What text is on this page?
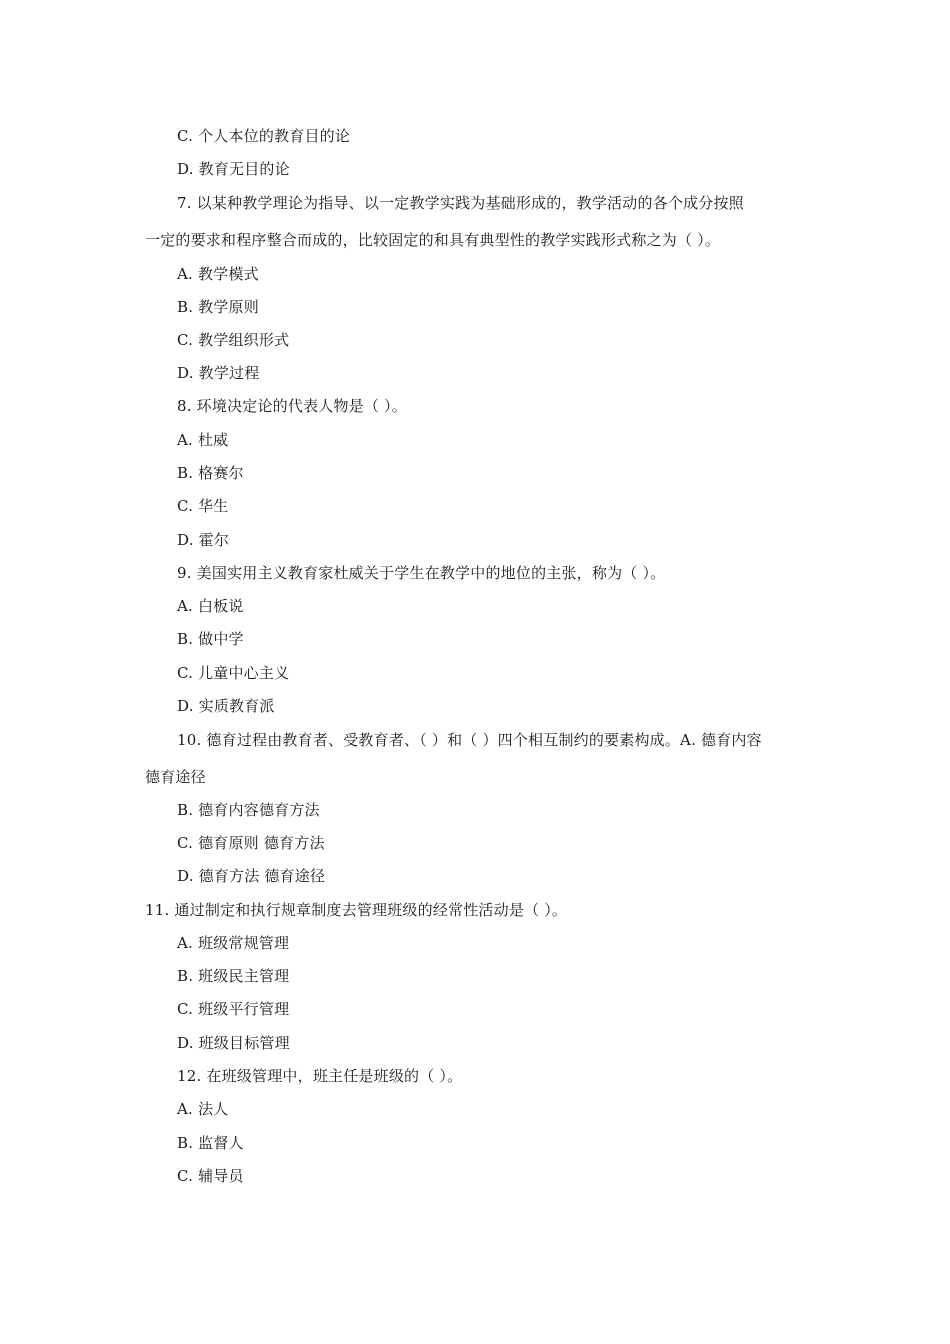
C. 个人本位的教育目的论
D. 教育无目的论
7. 以某种教学理论为指导、以一定教学实践为基础形成的，教学活动的各个成分按照
一定的要求和程序整合而成的，比较固定的和具有典型性的教学实践形式称之为（ ）。
A. 教学模式
B. 教学原则
C. 教学组织形式
D. 教学过程
8. 环境决定论的代表人物是（ ）。
A. 杜威
B. 格赛尔
C. 华生
D. 霍尔
9. 美国实用主义教育家杜威关于学生在教学中的地位的主张，称为（ ）。
A. 白板说
B. 做中学
C. 儿童中心主义
D. 实质教育派
10. 德育过程由教育者、受教育者、（ ）和（ ）四个相互制约的要素构成。A. 德育内容
德育途径
B. 德育内容德育方法
C. 德育原则 德育方法
D. 德育方法 德育途径
11. 通过制定和执行规章制度去管理班级的经常性活动是（ ）。
A. 班级常规管理
B. 班级民主管理
C. 班级平行管理
D. 班级目标管理
12. 在班级管理中，班主任是班级的（ ）。
A. 法人
B. 监督人
C. 辅导员
